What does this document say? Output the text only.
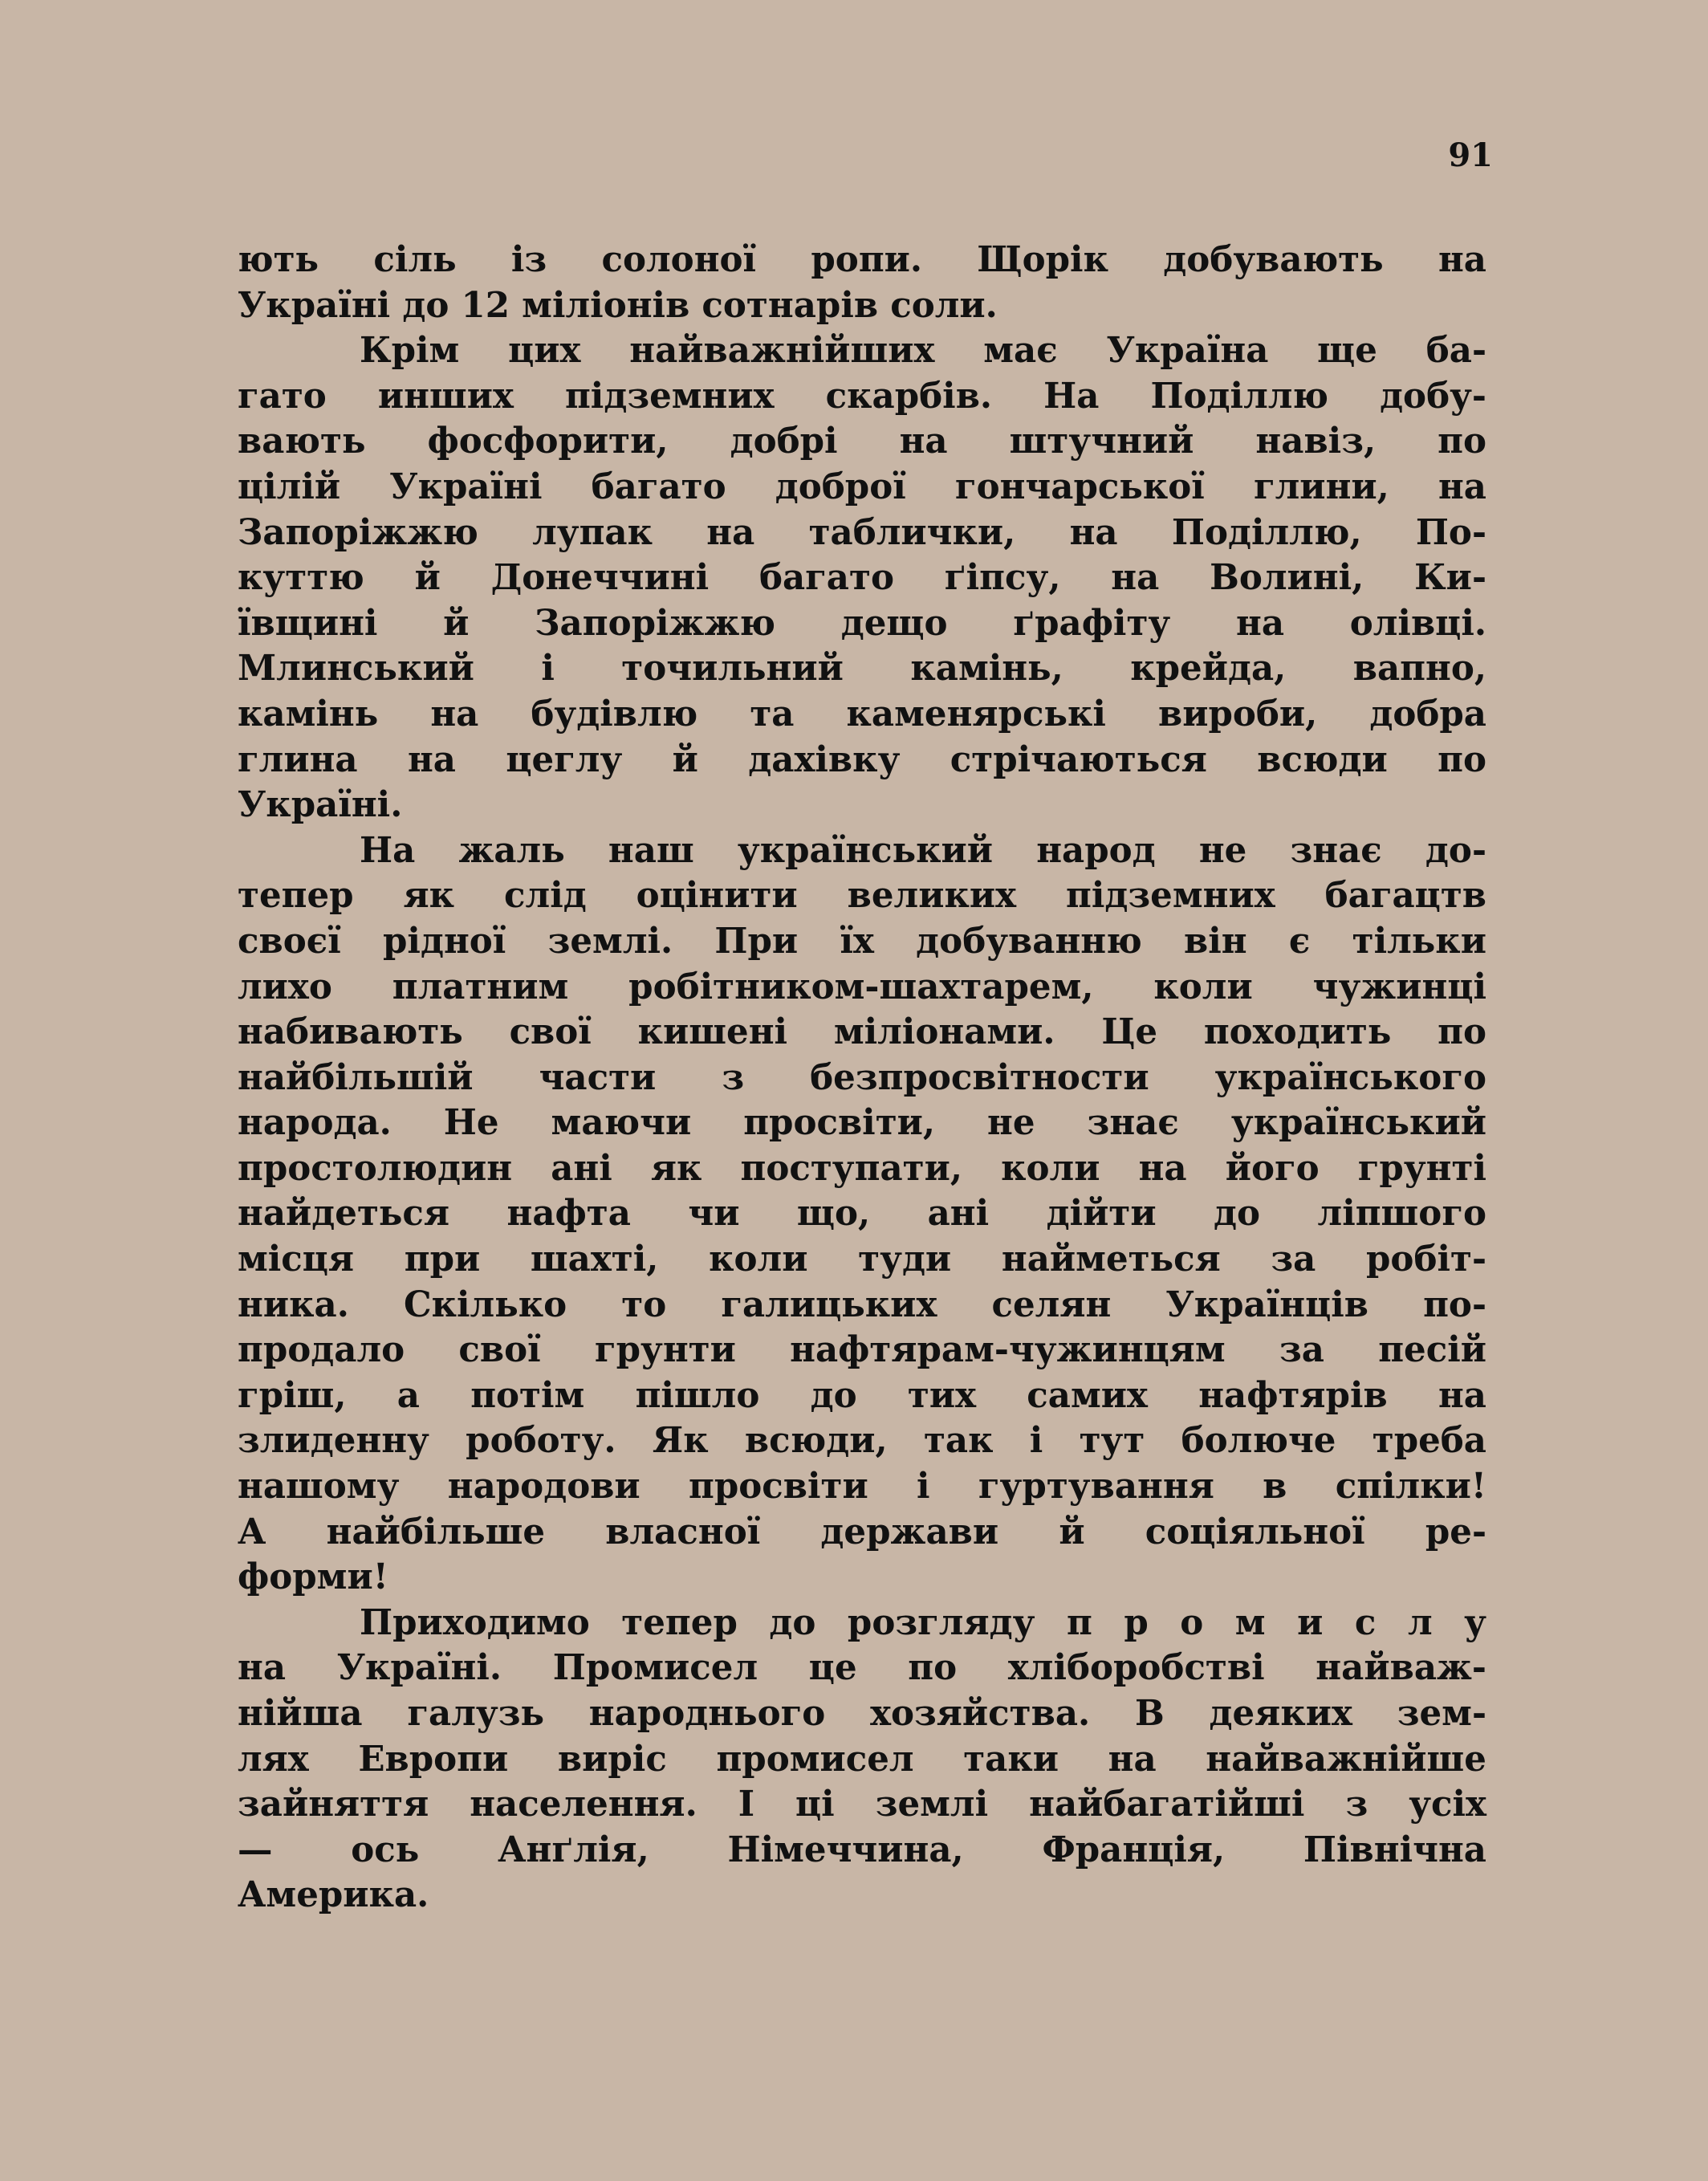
91
ють сіль із солоної ропи. Щорік добувають на
Україні до 12 міліонів сотнарів соли.
Крім цих найважнійших має Україна ще ба-
гато инших підземних скарбів. На Поділлю добу-
вають фосфорити, добрі на штучний навіз, по
цілій Україні багато доброї гончарської глини, на
Запоріжжю лупак на таблички, на Поділлю, По-
куттю й Донеччині багато ґіпсу, на Волині, Ки-
ївщині й Запоріжжю дещо ґрафіту на олівці.
Млинський і точильний камінь, крейда, вапно,
камінь на будівлю та каменярські вироби, добра
глина на цеглу й дахівку стрічаються всюди по
Україні.
На жаль наш український народ не знає до-
тепер як слід оцінити великих підземних багацтв
своєї рідної землі. При їх добуванню він є тільки
лихо платним робітником-шахтарем, коли чужинці
набивають свої кишені міліонами. Це походить по
найбільшій части з безпросвітности українського
народа. Не маючи просвіти, не знає український
простолюдин ані як поступати, коли на його грунті
найдеться нафта чи що, ані дійти до ліпшого
місця при шахті, коли туди найметься за робіт-
ника. Скілько то галицьких селян Українців по-
продало свої грунти нафтярам-чужинцям за песій
гріш, а потім пішло до тих самих нафтярів на
злиденну роботу. Як всюди, так і тут болюче треба
нашому народови просвіти і гуртування в спілки!
А найбільше власної держави й соціяльної ре-
форми!
Приходимо тепер до розгляду п р о м и с л у
на Україні. Промисел це по хліборобстві найваж-
нійша галузь народнього хозяйства. В деяких зем-
лях Европи виріс промисел таки на найважнійше
зайняття населення. І ці землі найбагатійші з усіх
— ось Анґлія, Німеччина, Франція, Північна
Америка.
